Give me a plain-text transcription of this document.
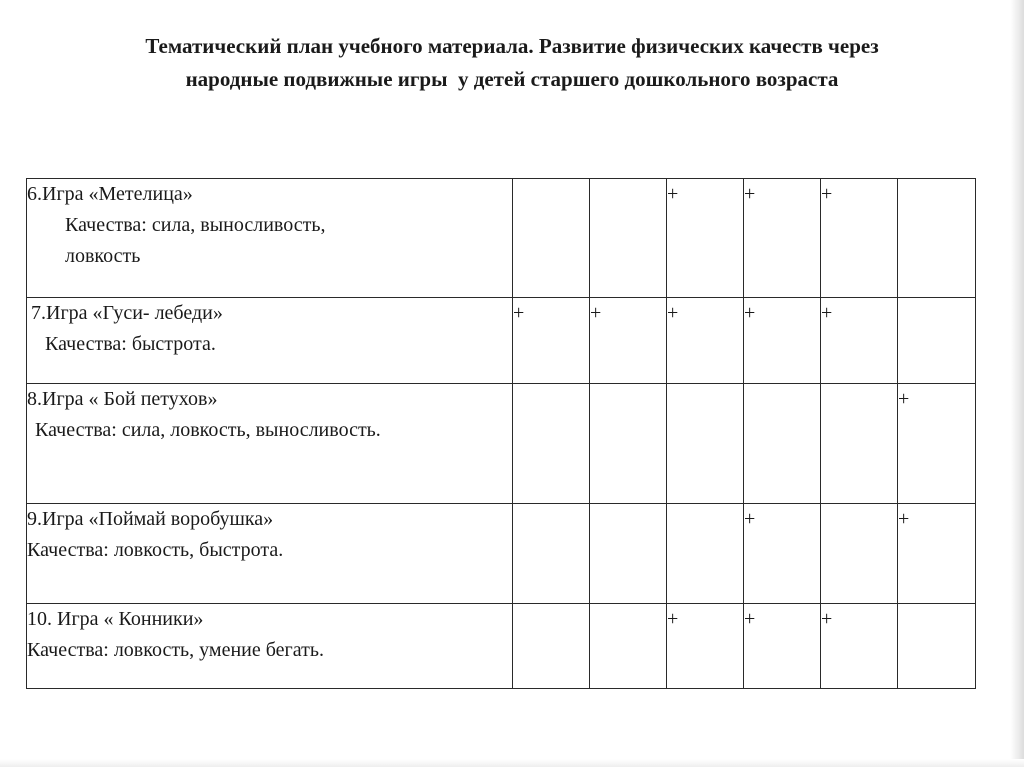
Тематический план учебного материала. Развитие физических качеств через
народные подвижные игры  у детей старшего дошкольного возраста
6.Игра «Метелица»
Качества: сила, выносливость,
ловкость			+	+	+	

7.Игра «Гуси- лебеди»
Качества: быстрота.	+	+	+	+	+	

8.Игра « Бой петухов»
Качества: сила, ловкость, выносливость.						+

9.Игра «Поймай воробушка»
Качества: ловкость, быстрота.				+		+

10. Игра « Конники»
Качества: ловкость, умение бегать.			+	+	+	
